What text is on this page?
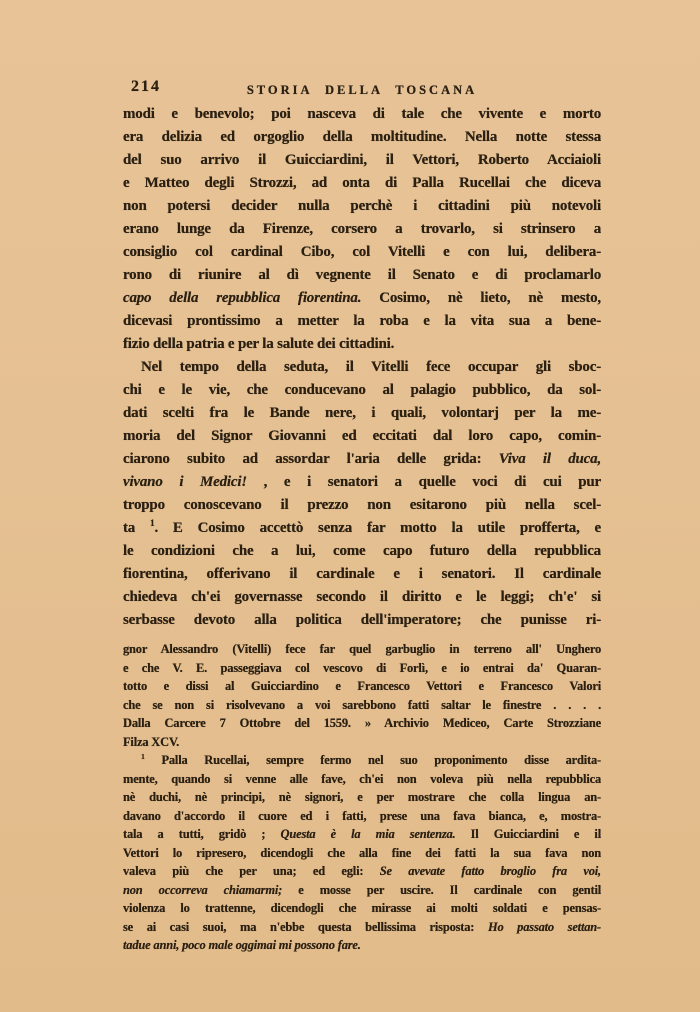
214	STORIA DELLA TOSCANA
modi e benevolo; poi nasceva di tale che vivente e morto
era delizia ed orgoglio della moltitudine. Nella notte stessa
del suo arrivo il Guicciardini, il Vettori, Roberto Acciaioli
e Matteo degli Strozzi, ad onta di Palla Rucellai che diceva
non potersi decider nulla perchè i cittadini più notevoli
erano lunge da Firenze, corsero a trovarlo, si strinsero a
consiglio col cardinal Cibo, col Vitelli e con lui, delibera-
rono di riunire al dì vegnente il Senato e di proclamarlo
capo della repubblica fiorentina. Cosimo, nè lieto, nè mesto,
dicevasi prontissimo a metter la roba e la vita sua a bene-
fizio della patria e per la salute dei cittadini.
Nel tempo della seduta, il Vitelli fece occupar gli sboc-
chi e le vie, che conducevano al palagio pubblico, da sol-
dati scelti fra le Bande nere, i quali, volontarj per la me-
moria del Signor Giovanni ed eccitati dal loro capo, comin-
ciarono subito ad assordar l'aria delle grida: Viva il duca,
vivano i Medici! , e i senatori a quelle voci di cui pur
troppo conoscevano il prezzo non esitarono più nella scel-
ta $^1$. E Cosimo accettò senza far motto la utile profferta, e
le condizioni che a lui, come capo futuro della repubblica
fiorentina, offerivano il cardinale e i senatori. Il cardinale
chiedeva ch'ei governasse secondo il diritto e le leggi; ch'e' si
serbasse devoto alla politica dell'imperatore; che punisse ri-
gnor Alessandro (Vitelli) fece far quel garbuglio in terreno all' Unghero
e che V. E. passeggiava col vescovo di Forlì, e io entrai da' Quaran-
totto e dissi al Guicciardino e Francesco Vettori e Francesco Valori
che se non si risolvevano a voi sarebbono fatti saltar le finestre . . . .
Dalla Carcere 7 Ottobre del 1559. » Archivio Mediceo, Carte Strozziane
Filza XCV.
$^1$ Palla Rucellai, sempre fermo nel suo proponimento disse ardita-
mente, quando si venne alle fave, ch'ei non voleva più nella repubblica
nè duchi, nè principi, nè signori, e per mostrare che colla lingua an-
davano d'accordo il cuore ed i fatti, prese una fava bianca, e, mostra-
tala a tutti, gridò ; Questa è la mia sentenza. Il Guicciardini e il
Vettori lo ripresero, dicendogli che alla fine dei fatti la sua fava non
valeva più che per una; ed egli: Se avevate fatto broglio fra voi,
non occorreva chiamarmi; e mosse per uscire. Il cardinale con gentil
violenza lo trattenne, dicendogli che mirasse ai molti soldati e pensas-
se ai casi suoi, ma n'ebbe questa bellissima risposta: Ho passato settan-
tadue anni, poco male oggimai mi possono fare.
